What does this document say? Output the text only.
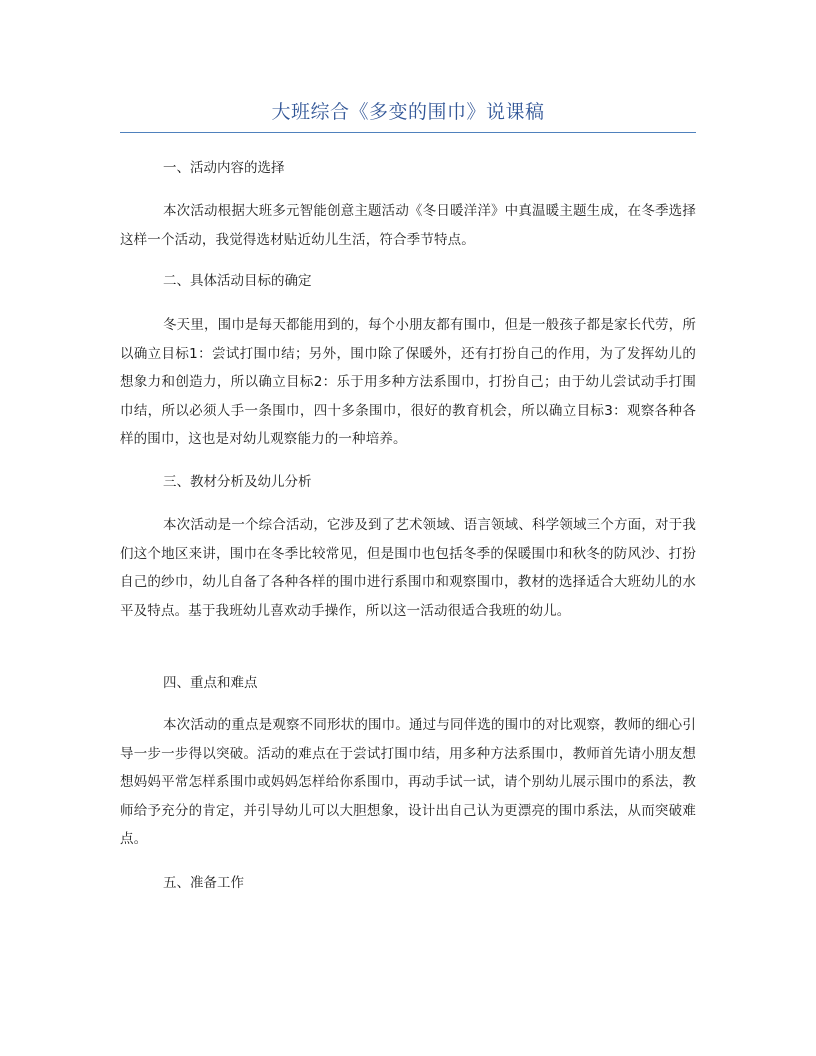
大班综合《多变的围巾》说课稿
一、活动内容的选择
本次活动根据大班多元智能创意主题活动《冬日暖洋洋》中真温暖主题生成，在冬季选择这样一个活动，我觉得选材贴近幼儿生活，符合季节特点。
二、具体活动目标的确定
冬天里，围巾是每天都能用到的，每个小朋友都有围巾，但是一般孩子都是家长代劳，所以确立目标1：尝试打围巾结；另外，围巾除了保暖外，还有打扮自己的作用，为了发挥幼儿的想象力和创造力，所以确立目标2：乐于用多种方法系围巾，打扮自己；由于幼儿尝试动手打围巾结，所以必须人手一条围巾，四十多条围巾，很好的教育机会，所以确立目标3：观察各种各样的围巾，这也是对幼儿观察能力的一种培养。
三、教材分析及幼儿分析
本次活动是一个综合活动，它涉及到了艺术领域、语言领域、科学领域三个方面，对于我们这个地区来讲，围巾在冬季比较常见，但是围巾也包括冬季的保暖围巾和秋冬的防风沙、打扮自己的纱巾，幼儿自备了各种各样的围巾进行系围巾和观察围巾，教材的选择适合大班幼儿的水平及特点。基于我班幼儿喜欢动手操作，所以这一活动很适合我班的幼儿。
四、重点和难点
本次活动的重点是观察不同形状的围巾。通过与同伴选的围巾的对比观察，教师的细心引导一步一步得以突破。活动的难点在于尝试打围巾结，用多种方法系围巾，教师首先请小朋友想想妈妈平常怎样系围巾或妈妈怎样给你系围巾，再动手试一试，请个别幼儿展示围巾的系法，教师给予充分的肯定，并引导幼儿可以大胆想象，设计出自己认为更漂亮的围巾系法，从而突破难点。
五、准备工作
